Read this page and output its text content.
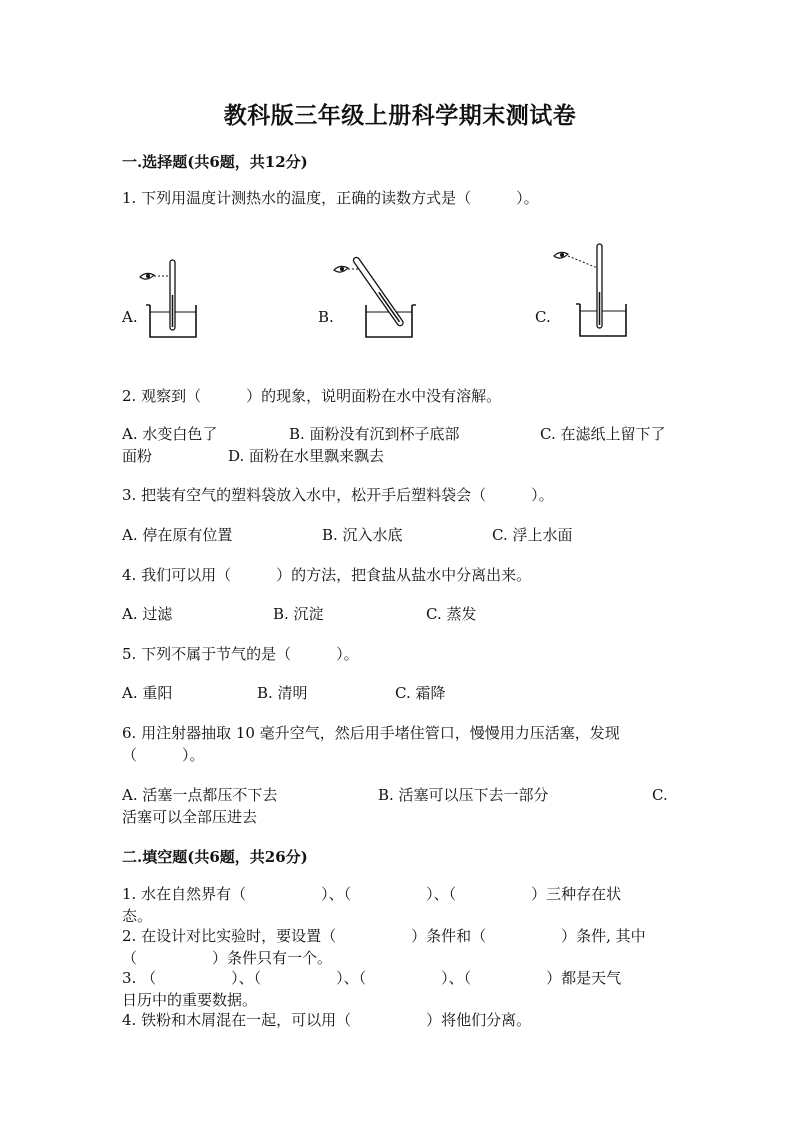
教科版三年级上册科学期末测试卷
一.选择题(共6题，共12分)
1. 下列用温度计测热水的温度，正确的读数方式是（　　　）。
A.	B.	C.
2. 观察到（　　　）的现象，说明面粉在水中没有溶解。
A. 水变白色了	B. 面粉没有沉到杯子底部	C. 在滤纸上留下了
面粉	D. 面粉在水里飘来飘去
3. 把装有空气的塑料袋放入水中，松开手后塑料袋会（　　　）。
A. 停在原有位置	B. 沉入水底	C. 浮上水面
4. 我们可以用（　　　）的方法，把食盐从盐水中分离出来。
A. 过滤	B. 沉淀	C. 蒸发
5. 下列不属于节气的是（　　　）。
A. 重阳	B. 清明	C. 霜降
6. 用注射器抽取 10 毫升空气，然后用手堵住管口，慢慢用力压活塞，发现
（　　　）。
A. 活塞一点都压不下去	B. 活塞可以压下去一部分	C.
活塞可以全部压进去
二.填空题(共6题，共26分)
1. 水在自然界有（　　　　　）、（　　　　　）、（　　　　　）三种存在状
态。
2. 在设计对比实验时，要设置（　　　　　）条件和（　　　　　）条件, 其中
（　　　　　）条件只有一个。
3. （　　　　　）、（　　　　　）、（　　　　　）、（　　　　　）都是天气
日历中的重要数据。
4. 铁粉和木屑混在一起，可以用（　　　　　）将他们分离。
